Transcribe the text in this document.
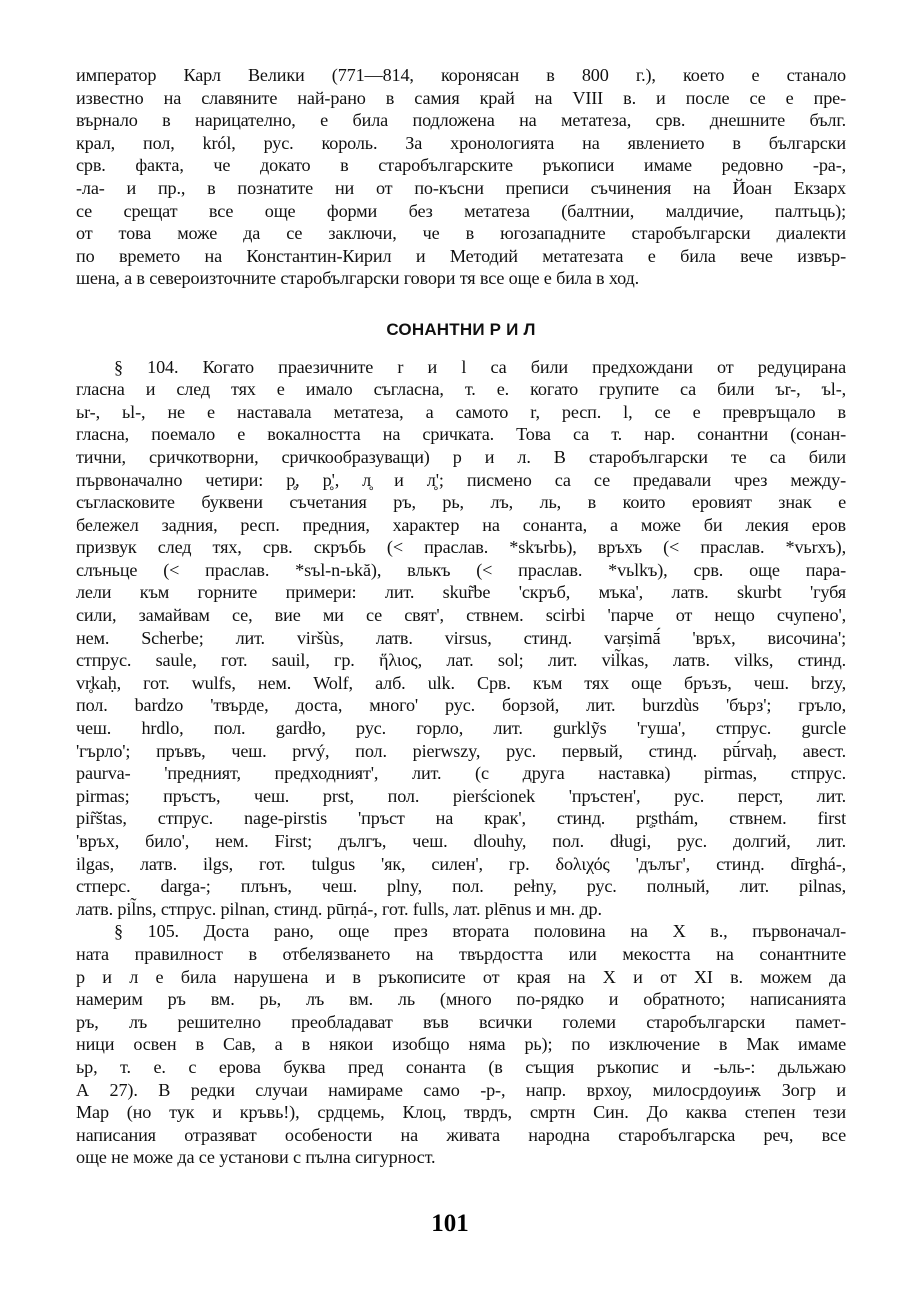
император Карл Велики (771—814, коронясан в 800 г.), което е станало
известно на славяните най-рано в самия край на VIII в. и после се е пре-
върнало в нарицателно, е била подложена на метатеза, срв. днешните бълг.
крал, пол, król, рус. король. За хронологията на явлението в български
срв. факта, че докато в старобългарските ръкописи имаме редовно -ра-,
-ла- и пр., в познатите ни от по-късни преписи съчинения на Йоан Екзарх
се срещат все още форми без метатеза (балтнии, малдичие, палтьць);
от това може да се заключи, че в югозападните старобългарски диалекти
по времето на Константин-Кирил и Методий метатезата е била вече извър-
шена, а в североизточните старобългарски говори тя все още е била в ход.
СОНАНТНИ Р И Л
§ 104. Когато праезичните r и l са били предхождани от редуцирана
гласна и след тях е имало съгласна, т. е. когато групите са били ъr-, ъl-,
ьr-, ьl-, не е наставала метатеза, а самото r, респ. l, се е превръщало в
гласна, поемало е вокалността на сричката. Това са т. нар. сонантни (сонан-
тични, сричкотворни, сричкообразуващи) р и л. В старобългарски те са били
първоначално четири: р̥, р̥', л̥ и л̥'; писмено са се предавали чрез между-
съгласковите буквени съчетания ръ, рь, лъ, ль, в които еровият знак е
бележел задния, респ. предния, характер на сонанта, а може би лекия еров
призвук след тях, срв. скръбь (< праслав. *skъrbь), връхъ (< праслав. *vьrxъ),
слъньце (< праслав. *sъl-n-ьkă), влькъ (< праслав. *vьlkъ), срв. още пара-
лели към горните примери: лит. skur̃be 'скръб, мъка', латв. skurbt 'губя
сили, замайвам се, вие ми се свят', ствнем. scirbi 'парче от нещо счупено',
нем. Scherbe; лит. viršùs, латв. virsus, стинд. varṣimā́ 'връх, височина';
стпрус. saule, гот. sauil, гр. ἥλιος, лат. sol; лит. vil̃kas, латв. vilks, стинд.
vr̥kaḥ, гот. wulfs, нем. Wolf, алб. ulk. Срв. към тях още бръзъ, чеш. brzy,
пол. bardzo 'твърде, доста, много' рус. борзой, лит. burzdùs 'бърз'; гръло,
чеш. hrdlo, пол. gardło, рус. горло, лит. gurklỹs 'гуша', стпрус. gurcle
'гърло'; пръвъ, чеш. prvý, пол. pierwszy, рус. первый, стинд. pū́rvaḥ, авест.
paurva- 'предният, предходният', лит. (с друга наставка) pirmas, стпрус.
pirmas; пръстъ, чеш. prst, пол. pierścionek 'пръстен', рус. перст, лит.
pir̃štas, стпрус. nage-pirstis 'пръст на крак', стинд. pr̥ṣthám, ствнем. first
'връх, било', нем. First; дългъ, чеш. dlouhy, пол. długi, рус. долгий, лит.
ilgas, латв. ilgs, гот. tulgus 'як, силен', гр. δολιχός 'дълъг', стинд. dīrghá-,
стперс. darga-; плънъ, чеш. plny, пол. pełny, рус. полный, лит. pilnas,
латв. pil̃ns, стпрус. pilnan, стинд. pūrṇá-, гот. fulls, лат. plēnus и мн. др.
§ 105. Доста рано, още през втората половина на X в., първоначал-
ната правилност в отбелязването на твърдостта или мекостта на сонантните
р и л е била нарушена и в ръкописите от края на X и от XI в. можем да
намерим ръ вм. рь, лъ вм. ль (много по-рядко и обратното; написанията
ръ, лъ решително преобладават във всички големи старобългарски памет-
ници освен в Сав, а в някои изобщо няма рь); по изключение в Мак имаме
ьр, т. е. с ерова буква пред сонанта (в същия ръкопис и -ьль-: дьльжаю
А 27). В редки случаи намираме само -р-, напр. врхоу, милосрдоуиѭ Зогр и
Мар (но тук и кръвь!), срдцемь, Клоц, тврдъ, смртн Син. До каква степен тези
написания отразяват особености на живата народна старобългарска реч, все
още не може да се установи с пълна сигурност.
101
